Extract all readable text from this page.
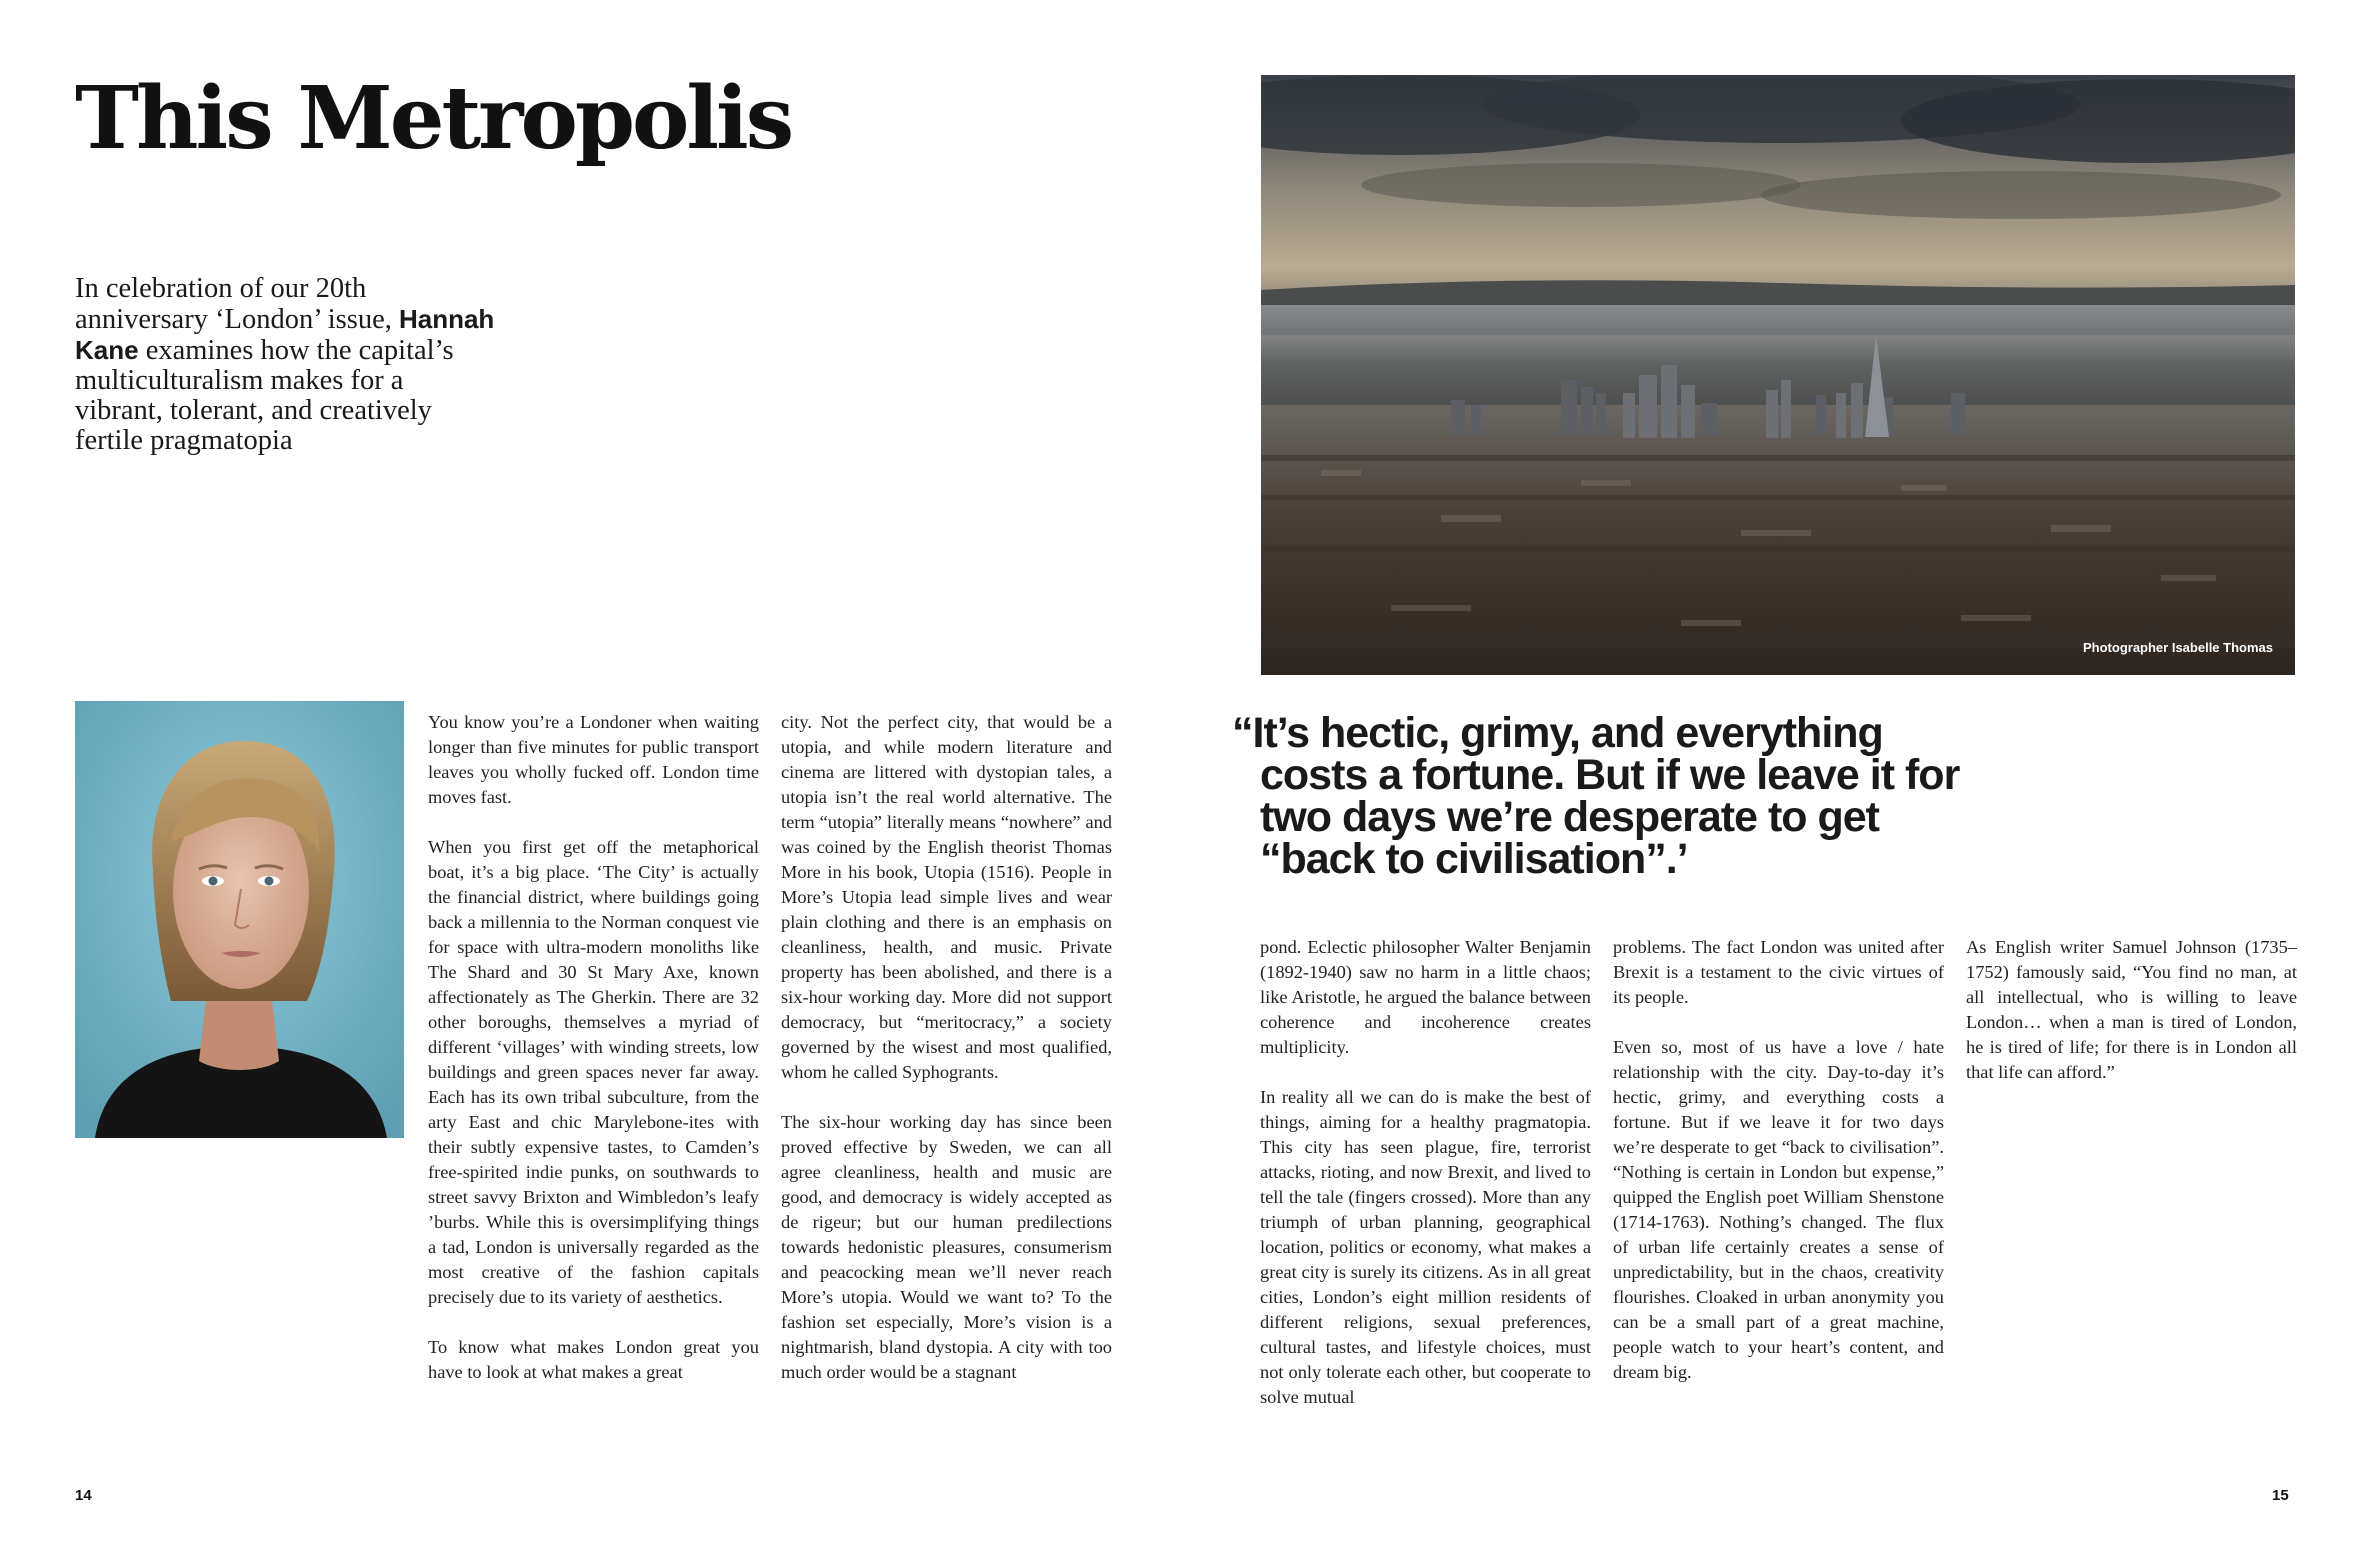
This Metropolis

In celebration of our 20th anniversary ‘London’ issue, Hannah Kane examines how the capital’s multiculturalism makes for a vibrant, tolerant, and creatively fertile pragmatopia

You know you’re a Londoner when waiting longer than five minutes for public transport leaves you wholly fucked off. London time moves fast.

When you first get off the metaphorical boat, it’s a big place. ‘The City’ is actually the financial district, where buildings going back a millennia to the Norman conquest vie for space with ultra-modern monoliths like The Shard and 30 St Mary Axe, known affectionately as The Gherkin. There are 32 other boroughs, themselves a myriad of different ‘villages’ with winding streets, low buildings and green spaces never far away. Each has its own tribal subculture, from the arty East and chic Marylebone-ites with their subtly expensive tastes, to Camden’s free-spirited indie punks, on southwards to street savvy Brixton and Wimbledon’s leafy ’burbs. While this is oversimplifying things a tad, London is universally regarded as the most creative of the fashion capitals precisely due to its variety of aesthetics.

To know what makes London great you have to look at what makes a great

city. Not the perfect city, that would be a utopia, and while modern literature and cinema are littered with dystopian tales, a utopia isn’t the real world alternative. The term “utopia” literally means “nowhere” and was coined by the English theorist Thomas More in his book, Utopia (1516). People in More’s Utopia lead simple lives and wear plain clothing and there is an emphasis on cleanliness, health, and music. Private property has been abolished, and there is a six-hour working day. More did not support democracy, but “meritocracy,” a society governed by the wisest and most qualified, whom he called Syphogrants.

The six-hour working day has since been proved effective by Sweden, we can all agree cleanliness, health and music are good, and democracy is widely accepted as de rigeur; but our human predilections towards hedonistic pleasures, consumerism and peacocking mean we’ll never reach More’s utopia. Would we want to? To the fashion set especially, More’s vision is a nightmarish, bland dystopia. A city with too much order would be a stagnant

14
Photographer Isabelle Thomas
“It’s hectic, grimy, and everything costs a fortune. But if we leave it for two days we’re desperate to get “back to civilisation”.’

pond. Eclectic philosopher Walter Benjamin (1892-1940) saw no harm in a little chaos; like Aristotle, he argued the balance between coherence and incoherence creates multiplicity.

In reality all we can do is make the best of things, aiming for a healthy pragmatopia. This city has seen plague, fire, terrorist attacks, rioting, and now Brexit, and lived to tell the tale (fingers crossed). More than any triumph of urban planning, geographical location, politics or economy, what makes a great city is surely its citizens. As in all great cities, London’s eight million residents of different religions, sexual preferences, cultural tastes, and lifestyle choices, must not only tolerate each other, but cooperate to solve mutual

problems. The fact London was united after Brexit is a testament to the civic virtues of its people.

Even so, most of us have a love / hate relationship with the city. Day-to-day it’s hectic, grimy, and everything costs a fortune. But if we leave it for two days we’re desperate to get “back to civilisation”. “Nothing is certain in London but expense,” quipped the English poet William Shenstone (1714-1763). Nothing’s changed. The flux of urban life certainly creates a sense of unpredictability, but in the chaos, creativity flourishes. Cloaked in urban anonymity you can be a small part of a great machine, people watch to your heart’s content, and dream big.

As English writer Samuel Johnson (1735–1752) famously said, “You find no man, at all intellectual, who is willing to leave London… when a man is tired of London, he is tired of life; for there is in London all that life can afford.”

15
